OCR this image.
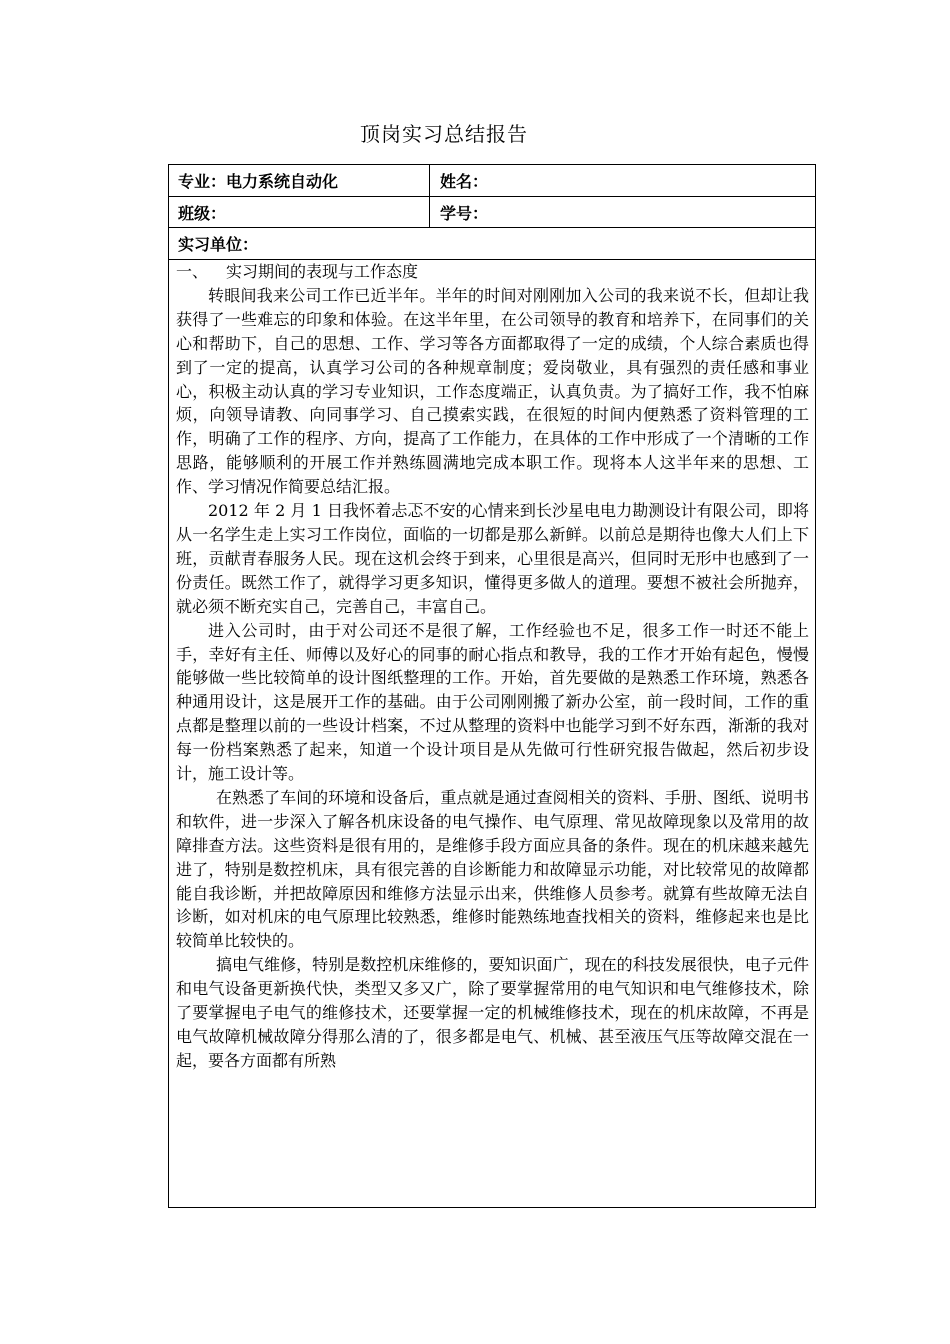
顶岗实习总结报告
专业：电力系统自动化	姓名：
班级：	学号：
实习单位：

一、 实习期间的表现与工作态度

转眼间我来公司工作已近半年。半年的时间对刚刚加入公司的我来说不长，但却让我获得了一些难忘的印象和体验。在这半年里，在公司领导的教育和培养下，在同事们的关心和帮助下，自己的思想、工作、学习等各方面都取得了一定的成绩，个人综合素质也得到了一定的提高，认真学习公司的各种规章制度；爱岗敬业，具有强烈的责任感和事业心，积极主动认真的学习专业知识，工作态度端正，认真负责。为了搞好工作，我不怕麻烦，向领导请教、向同事学习、自己摸索实践，在很短的时间内便熟悉了资料管理的工作，明确了工作的程序、方向，提高了工作能力，在具体的工作中形成了一个清晰的工作思路，能够顺利的开展工作并熟练圆满地完成本职工作。现将本人这半年来的思想、工作、学习情况作简要总结汇报。

2012 年 2 月 1 日我怀着忐忑不安的心情来到长沙星电电力勘测设计有限公司，即将从一名学生走上实习工作岗位，面临的一切都是那么新鲜。以前总是期待也像大人们上下班，贡献青春服务人民。现在这机会终于到来，心里很是高兴，但同时无形中也感到了一份责任。既然工作了，就得学习更多知识，懂得更多做人的道理。要想不被社会所抛弃，就必须不断充实自己，完善自己，丰富自己。

进入公司时，由于对公司还不是很了解，工作经验也不足，很多工作一时还不能上手，幸好有主任、师傅以及好心的同事的耐心指点和教导，我的工作才开始有起色，慢慢能够做一些比较简单的设计图纸整理的工作。开始，首先要做的是熟悉工作环境，熟悉各种通用设计，这是展开工作的基础。由于公司刚刚搬了新办公室，前一段时间，工作的重点都是整理以前的一些设计档案，不过从整理的资料中也能学习到不好东西，渐渐的我对每一份档案熟悉了起来，知道一个设计项目是从先做可行性研究报告做起，然后初步设计，施工设计等。

在熟悉了车间的环境和设备后，重点就是通过查阅相关的资料、手册、图纸、说明书和软件，进一步深入了解各机床设备的电气操作、电气原理、常见故障现象以及常用的故障排查方法。这些资料是很有用的，是维修手段方面应具备的条件。现在的机床越来越先进了，特别是数控机床，具有很完善的自诊断能力和故障显示功能，对比较常见的故障都能自我诊断，并把故障原因和维修方法显示出来，供维修人员参考。就算有些故障无法自诊断，如对机床的电气原理比较熟悉，维修时能熟练地查找相关的资料，维修起来也是比较简单比较快的。

搞电气维修，特别是数控机床维修的，要知识面广，现在的科技发展很快，电子元件和电气设备更新换代快，类型又多又广，除了要掌握常用的电气知识和电气维修技术，除了要掌握电子电气的维修技术，还要掌握一定的机械维修技术，现在的机床故障，不再是电气故障机械故障分得那么清的了，很多都是电气、机械、甚至液压气压等故障交混在一起，要各方面都有所熟
